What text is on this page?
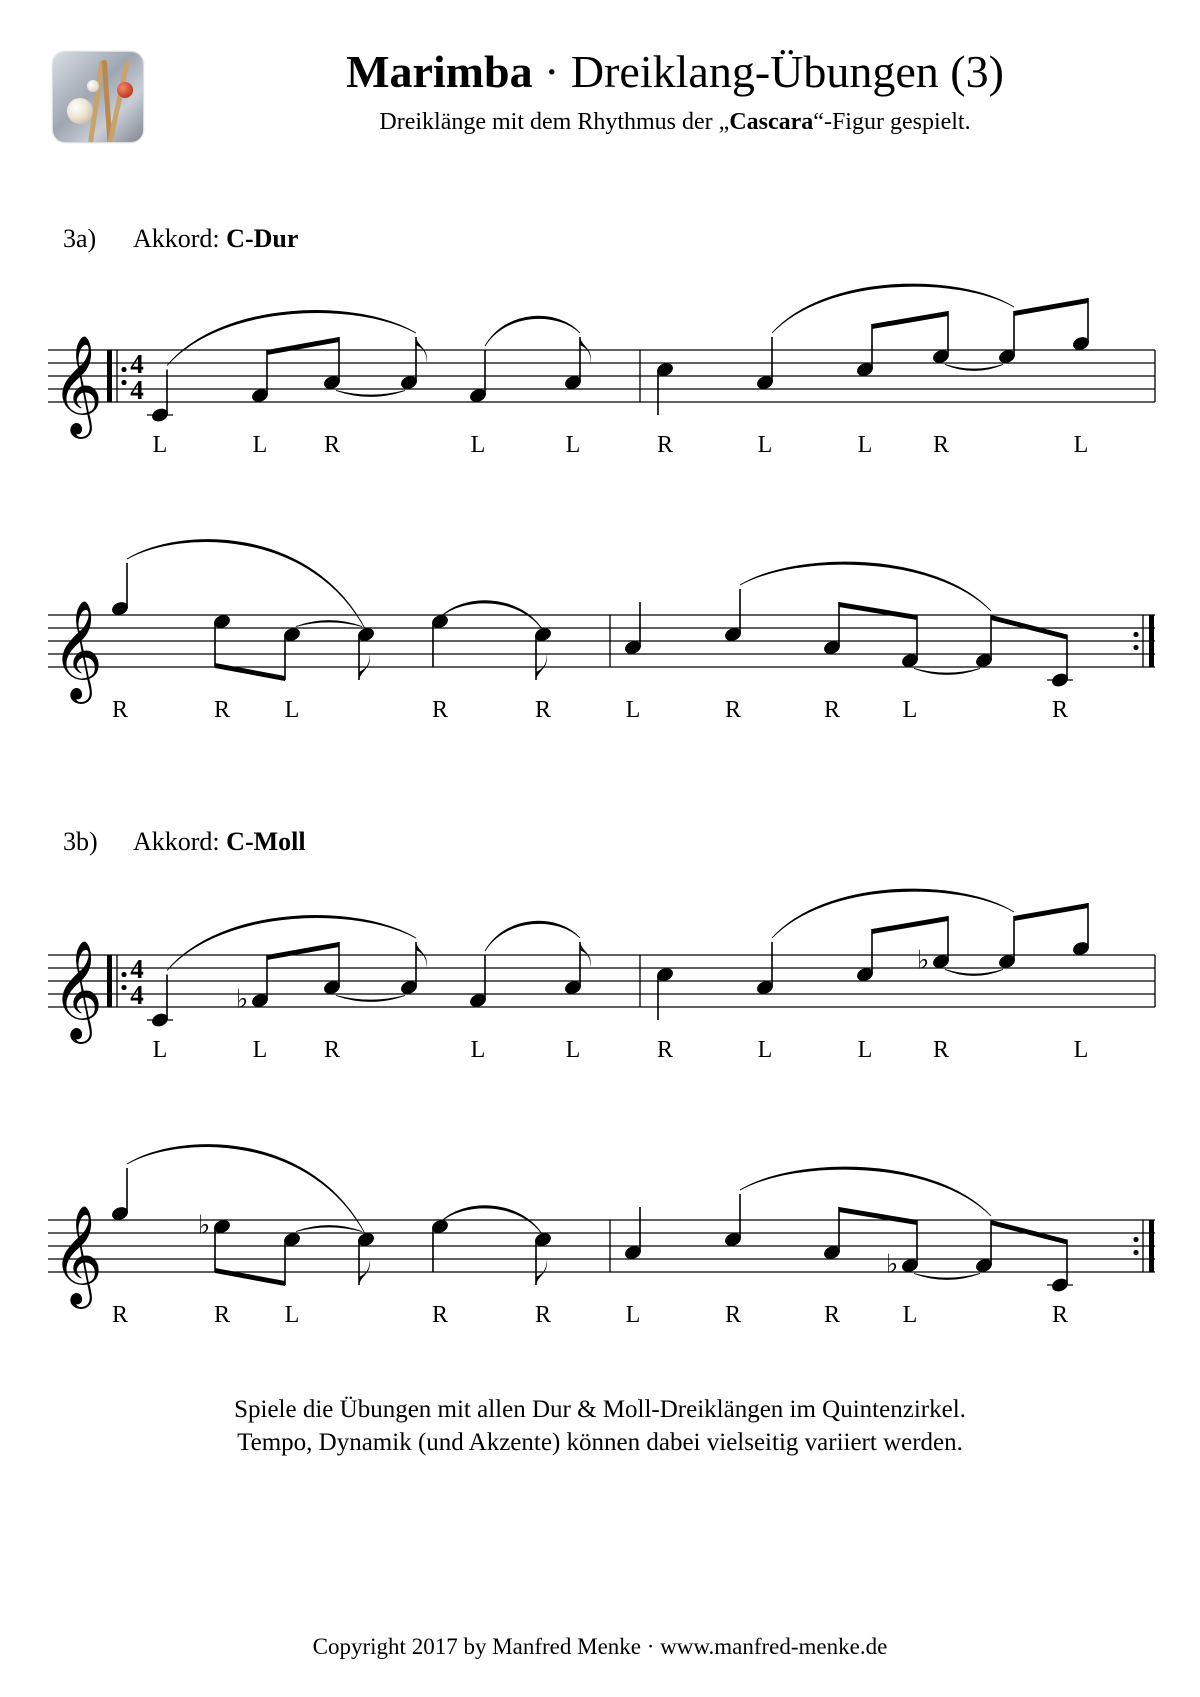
Marimba · Dreiklang-Übungen (3)
Dreiklänge mit dem Rhythmus der „Cascara“-Figur gespielt.
3a) Akkord: C-Dur
3b) Akkord: C-Moll
𝄞 4
4
L	L R	L	L	R	L	L	R	L
𝄞
R	R L	R	R	L	R	R	L	R
𝄞 4
4	♭
♭
L	L R	L	L	R	L	L	R	L
𝄞	♭
♭
R	R L	R	R	L	R	R	L	R
Spiele die Übungen mit allen Dur & Moll-Dreiklängen im Quintenzirkel.
Tempo, Dynamik (und Akzente) können dabei vielseitig variiert werden.
Copyright 2017 by Manfred Menke · www.manfred-menke.de
